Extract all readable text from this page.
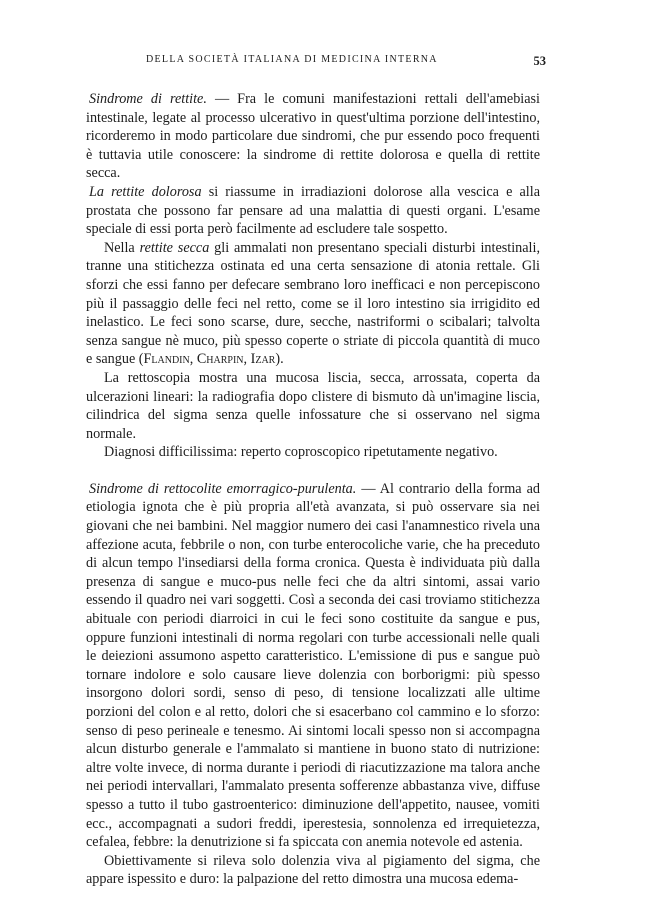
DELLA SOCIETÀ ITALIANA DI MEDICINA INTERNA	53

Sindrome di rettite. — Fra le comuni manifestazioni rettali dell'amebiasi intestinale, legate al processo ulcerativo in quest'ultima porzione dell'intestino, ricorderemo in modo particolare due sindromi, che pur essendo poco frequenti è tuttavia utile conoscere: la sindrome di rettite dolorosa e quella di rettite secca.

La rettite dolorosa si riassume in irradiazioni dolorose alla vescica e alla prostata che possono far pensare ad una malattia di questi organi. L'esame speciale di essi porta però facilmente ad escludere tale sospetto.

Nella rettite secca gli ammalati non presentano speciali disturbi intestinali, tranne una stitichezza ostinata ed una certa sensazione di atonia rettale. Gli sforzi che essi fanno per defecare sembrano loro inefficaci e non percepiscono più il passaggio delle feci nel retto, come se il loro intestino sia irrigidito ed inelastico. Le feci sono scarse, dure, secche, nastriformi o scibalari; talvolta senza sangue nè muco, più spesso coperte o striate di piccola quantità di muco e sangue (Flandin, Charpin, Izar).

La rettoscopia mostra una mucosa liscia, secca, arrossata, coperta da ulcerazioni lineari: la radiografia dopo clistere di bismuto dà un'imagine liscia, cilindrica del sigma senza quelle infossature che si osservano nel sigma normale.

Diagnosi difficilissima: reperto coproscopico ripetutamente negativo.

Sindrome di rettocolite emorragico-purulenta. — Al contrario della forma ad etiologia ignota che è più propria all'età avanzata, si può osservare sia nei giovani che nei bambini. Nel maggior numero dei casi l'anamnestico rivela una affezione acuta, febbrile o non, con turbe enterocoliche varie, che ha preceduto di alcun tempo l'insediarsi della forma cronica. Questa è individuata più dalla presenza di sangue e muco-pus nelle feci che da altri sintomi, assai vario essendo il quadro nei vari soggetti. Così a seconda dei casi troviamo stitichezza abituale con periodi diarroici in cui le feci sono costituite da sangue e pus, oppure funzioni intestinali di norma regolari con turbe accessionali nelle quali le deiezioni assumono aspetto caratteristico. L'emissione di pus e sangue può tornare indolore e solo causare lieve dolenzia con borborigmi: più spesso insorgono dolori sordi, senso di peso, di tensione localizzati alle ultime porzioni del colon e al retto, dolori che si esacerbano col cammino e lo sforzo: senso di peso perineale e tenesmo. Ai sintomi locali spesso non si accompagna alcun disturbo generale e l'ammalato si mantiene in buono stato di nutrizione: altre volte invece, di norma durante i periodi di riacutizzazione ma talora anche nei periodi intervallari, l'ammalato presenta sofferenze abbastanza vive, diffuse spesso a tutto il tubo gastroenterico: diminuzione dell'appetito, nausee, vomiti ecc., accompagnati a sudori freddi, iperestesia, sonnolenza ed irrequietezza, cefalea, febbre: la denutrizione si fa spiccata con anemia notevole ed astenia.

Obiettivamente si rileva solo dolenzia viva al pigiamento del sigma, che appare ispessito e duro: la palpazione del retto dimostra una mucosa edema-
